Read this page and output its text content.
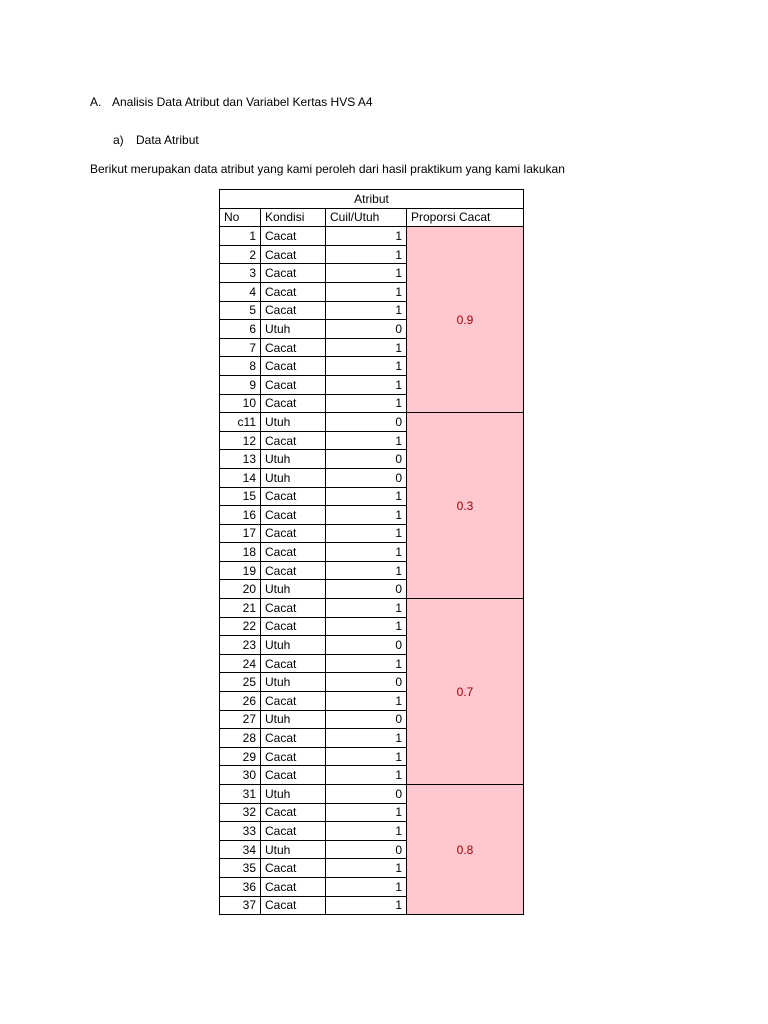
A. Analisis Data Atribut dan Variabel Kertas HVS A4
a) Data Atribut
Berikut merupakan data atribut yang kami peroleh dari hasil praktikum yang kami lakukan
Atribut			
No	Kondisi	Cuil/Utuh	Proporsi Cacat
1	Cacat	1	0.9
2	Cacat	1	
3	Cacat	1	
4	Cacat	1	
5	Cacat	1	
6	Utuh	0	
7	Cacat	1	
8	Cacat	1	
9	Cacat	1	
10	Cacat	1	
c11	Utuh	0	0.3
12	Cacat	1	
13	Utuh	0	
14	Utuh	0	
15	Cacat	1	
16	Cacat	1	
17	Cacat	1	
18	Cacat	1	
19	Cacat	1	
20	Utuh	0	
21	Cacat	1	0.7
22	Cacat	1	
23	Utuh	0	
24	Cacat	1	
25	Utuh	0	
26	Cacat	1	
27	Utuh	0	
28	Cacat	1	
29	Cacat	1	
30	Cacat	1	
31	Utuh	0	0.8
32	Cacat	1	
33	Cacat	1	
34	Utuh	0	
35	Cacat	1	
36	Cacat	1	
37	Cacat	1	
